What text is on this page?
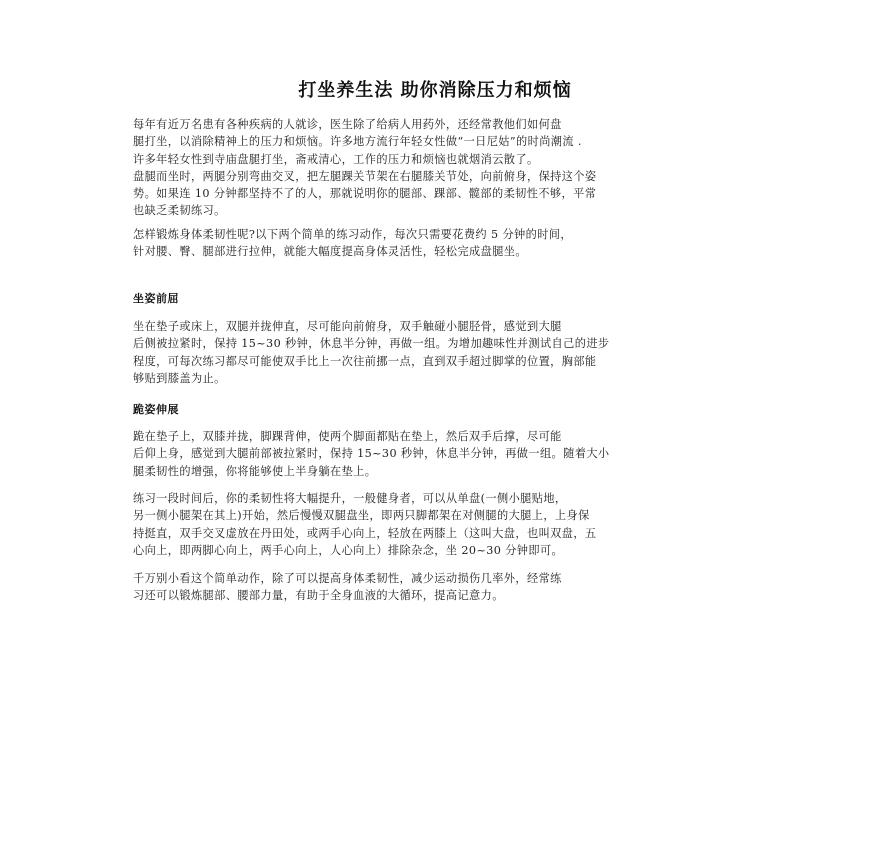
打坐养生法 助你消除压力和烦恼
每年有近万名患有各种疾病的人就诊，医生除了给病人用药外，还经常教他们如何盘
腿打坐，以消除精神上的压力和烦恼。许多地方流行年轻女性做“一日尼姑”的时尚潮流 .
许多年轻女性到寺庙盘腿打坐，斋戒清心，工作的压力和烦恼也就烟消云散了。
盘腿而坐时，两腿分别弯曲交叉，把左腿踝关节架在右腿膝关节处，向前俯身，保持这个姿
势。如果连 10 分钟都坚持不了的人，那就说明你的腿部、踝部、髋部的柔韧性不够，平常
也缺乏柔韧练习。
怎样锻炼身体柔韧性呢?以下两个简单的练习动作，每次只需要花费约 5 分钟的时间，
针对腰、臀、腿部进行拉伸，就能大幅度提高身体灵活性，轻松完成盘腿坐。
坐姿前屈
坐在垫子或床上，双腿并拢伸直，尽可能向前俯身，双手触碰小腿胫骨，感觉到大腿
后侧被拉紧时，保持 15~30 秒钟，休息半分钟，再做一组。为增加趣味性并测试自己的进步
程度，可每次练习都尽可能使双手比上一次往前挪一点，直到双手超过脚掌的位置，胸部能
够贴到膝盖为止。
跪姿伸展
跪在垫子上，双膝并拢，脚踝背伸，使两个脚面都贴在垫上，然后双手后撑，尽可能
后仰上身，感觉到大腿前部被拉紧时，保持 15~30 秒钟，休息半分钟，再做一组。随着大小
腿柔韧性的增强，你将能够使上半身躺在垫上。
练习一段时间后，你的柔韧性将大幅提升，一般健身者，可以从单盘(一侧小腿贴地，
另一侧小腿架在其上)开始，然后慢慢双腿盘坐，即两只脚都架在对侧腿的大腿上，上身保
持挺直，双手交叉虚放在丹田处，或两手心向上，轻放在两膝上（这叫大盘，也叫双盘，五
心向上，即两脚心向上，两手心向上，人心向上）排除杂念，坐 20~30 分钟即可。
千万别小看这个简单动作，除了可以提高身体柔韧性，减少运动损伤几率外，经常练
习还可以锻炼腿部、腰部力量，有助于全身血液的大循环，提高记意力。
